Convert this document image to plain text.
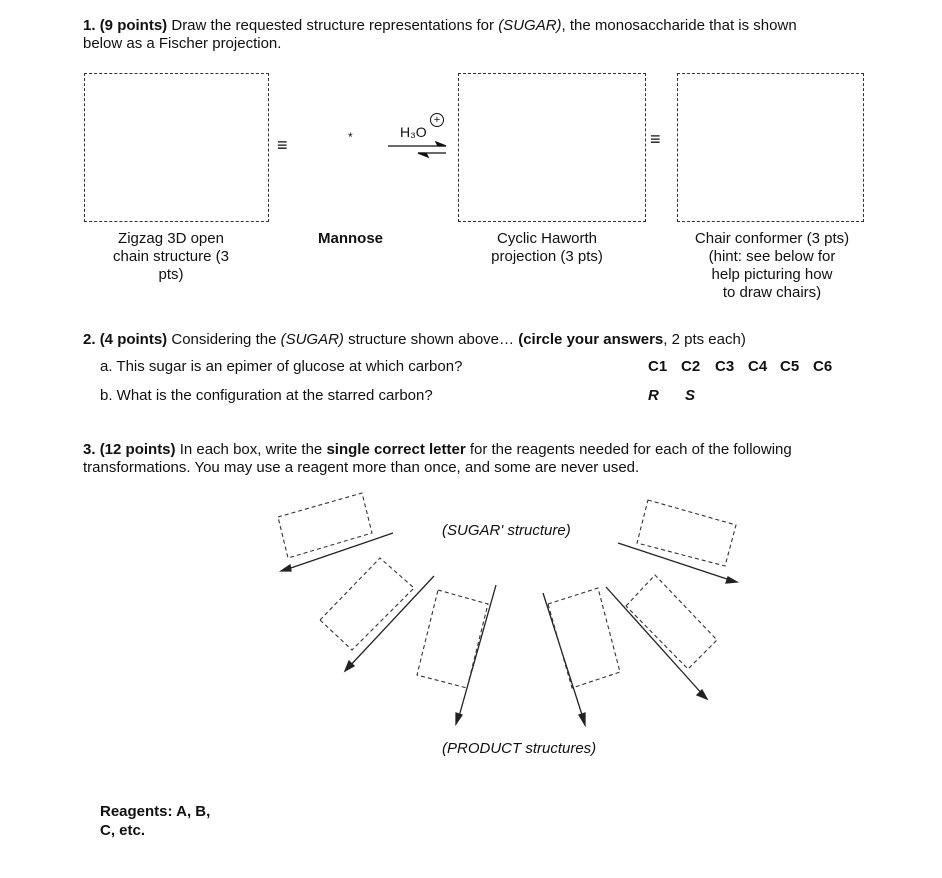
1. (9 points) Draw the requested structure representations for (SUGAR), the monosaccharide that is shown
below as a Fischer projection.
≡	≡
*	H₃O
+
Zigzag 3D open
chain structure (3 pts)
Mannose	Cyclic Haworth
projection (3 pts)
Chair conformer (3 pts)
(hint: see below for
help picturing how
to draw chairs)
2. (4 points) Considering the (SUGAR) structure shown above… (circle your answers, 2 pts each)
a. This sugar is an epimer of glucose at which carbon?
b. What is the configuration at the starred carbon?
C1 C2 C3 C4 C5 C6
R S
3. (12 points) In each box, write the single correct letter for the reagents needed for each of the following
transformations. You may use a reagent more than once, and some are never used.
(SUGAR' structure)
(PRODUCT structures)
Reagents: A, B,
C, etc.
